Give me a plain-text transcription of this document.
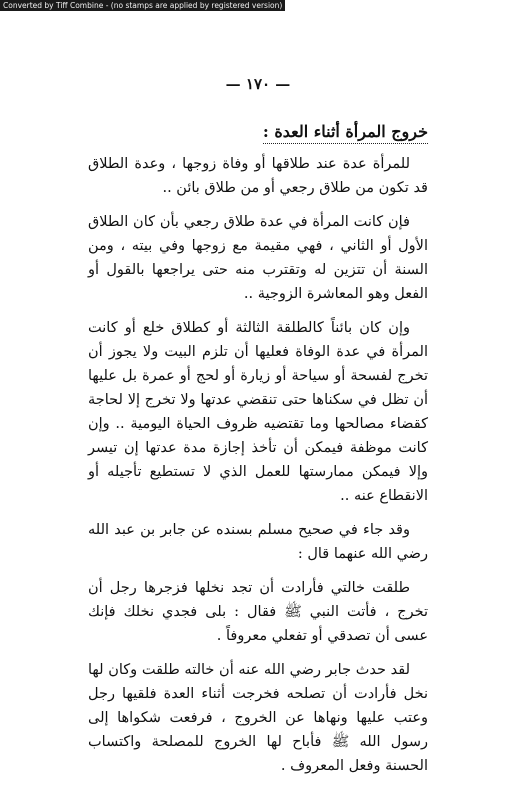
Converted by Tiff Combine - (no stamps are applied by registered version)
— ١٧٠ —
خروج المرأة أثناء العدة :

للمرأة عدة عند طلاقها أو وفاة زوجها ، وعدة الطلاق قد تكون من طلاق رجعي أو من طلاق بائن ..

فإن كانت المرأة في عدة طلاق رجعي بأن كان الطلاق الأول أو الثاني ، فهي مقيمة مع زوجها وفي بيته ، ومن السنة أن تتزين له وتقترب منه حتى يراجعها بالقول أو الفعل وهو المعاشرة الزوجية ..

وإن كان بائناً كالطلقة الثالثة أو كطلاق خلع أو كانت المرأة في عدة الوفاة فعليها أن تلزم البيت ولا يجوز أن تخرج لفسحة أو سياحة أو زيارة أو لحج أو عمرة بل عليها أن تظل في سكناها حتى تنقضي عدتها ولا تخرج إلا لحاجة كقضاء مصالحها وما تقتضيه ظروف الحياة اليومية .. وإن كانت موظفة فيمكن أن تأخذ إجازة مدة عدتها إن تيسر وإلا فيمكن ممارستها للعمل الذي لا تستطيع تأجيله أو الانقطاع عنه ..

وقد جاء في صحيح مسلم بسنده عن جابر بن عبد الله رضي الله عنهما قال :

طلقت خالتي فأرادت أن تجد نخلها فزجرها رجل أن تخرج ، فأتت النبي ﷺ فقال : بلى فجدي نخلك فإنك عسى أن تصدقي أو تفعلي معروفاً .

لقد حدث جابر رضي الله عنه أن خالته طلقت وكان لها نخل فأرادت أن تصلحه فخرجت أثناء العدة فلقيها رجل وعتب عليها ونهاها عن الخروج ، فرفعت شكواها إلى رسول الله ﷺ فأباح لها الخروج للمصلحة واكتساب الحسنة وفعل المعروف .
